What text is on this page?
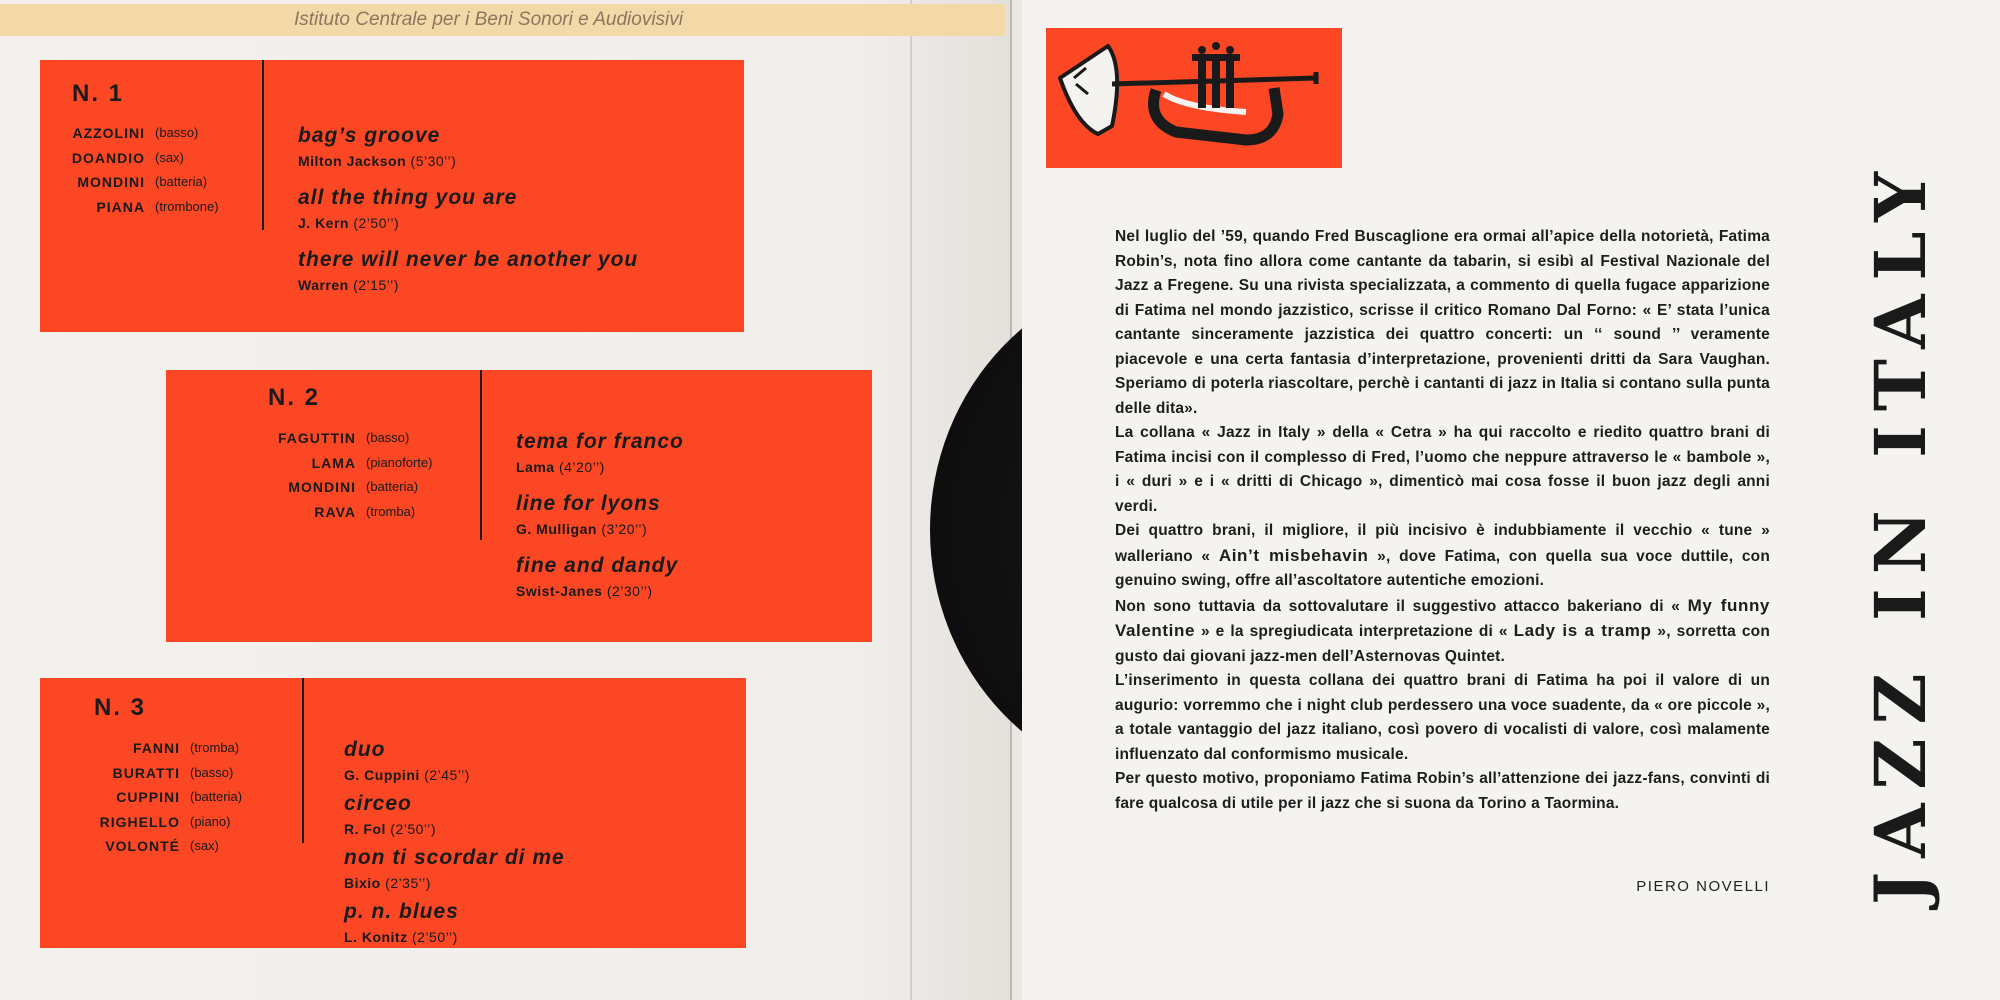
Istituto Centrale per i Beni Sonori e Audiovisivi
N. 1
AZZOLINI (basso)
DOANDIO (sax)
MONDINI (batteria)
PIANA (trombone)
bag’s groove
Milton Jackson (5’30’’)
all the thing you are
J. Kern (2’50’’)
there will never be another you
Warren (2’15’’)
N. 2
FAGUTTIN (basso)
LAMA (pianoforte)
MONDINI (batteria)
RAVA (tromba)
tema for franco
Lama (4’20’’)
line for lyons
G. Mulligan (3’20’’)
fine and dandy
Swist-Janes (2’30’’)
N. 3
FANNI (tromba)
BURATTI (basso)
CUPPINI (batteria)
RIGHELLO (piano)
VOLONTÉ (sax)
duo
G. Cuppini (2’45’’)
circeo
R. Fol (2’50’’)
non ti scordar di me
Bixio (2’35’’)
p. n. blues
L. Konitz (2’50’’)

Nel luglio del ’59, quando Fred Buscaglione era ormai all’apice della notorietà, Fatima Robin’s, nota fino allora come cantante da tabarin, si esibì al Festival Nazionale del Jazz a Fregene. Su una rivista specializzata, a commento di quella fugace apparizione di Fatima nel mondo jazzistico, scrisse il critico Romano Dal Forno: « E’ stata l’unica cantante sinceramente jazzistica dei quattro concerti: un ‘‘ sound ’’ veramente piacevole e una certa fantasia d’interpretazione, provenienti dritti da Sara Vaughan. Speriamo di poterla riascoltare, perchè i cantanti di jazz in Italia si contano sulla punta delle dita».

La collana « Jazz in Italy » della « Cetra » ha qui raccolto e riedito quattro brani di Fatima incisi con il complesso di Fred, l’uomo che neppure attraverso le « bambole », i « duri » e i « dritti di Chicago », dimenticò mai cosa fosse il buon jazz degli anni verdi.

Dei quattro brani, il migliore, il più incisivo è indubbiamente il vecchio « tune » walleriano « Ain’t misbehavin », dove Fatima, con quella sua voce duttile, con genuino swing, offre all’ascoltatore autentiche emozioni.

Non sono tuttavia da sottovalutare il suggestivo attacco bakeriano di « My funny Valentine » e la spregiudicata interpretazione di « Lady is a tramp », sorretta con gusto dai giovani jazz-men dell’Asternovas Quintet.

L’inserimento in questa collana dei quattro brani di Fatima ha poi il valore di un augurio: vorremmo che i night club perdessero una voce suadente, da « ore piccole », a totale vantaggio del jazz italiano, così povero di vocalisti di valore, così malamente influenzato dal conformismo musicale.

Per questo motivo, proponiamo Fatima Robin’s all’attenzione dei jazz-fans, convinti di fare qualcosa di utile per il jazz che si suona da Torino a Taormina.

PIERO NOVELLI JAZZ IN ITALY
